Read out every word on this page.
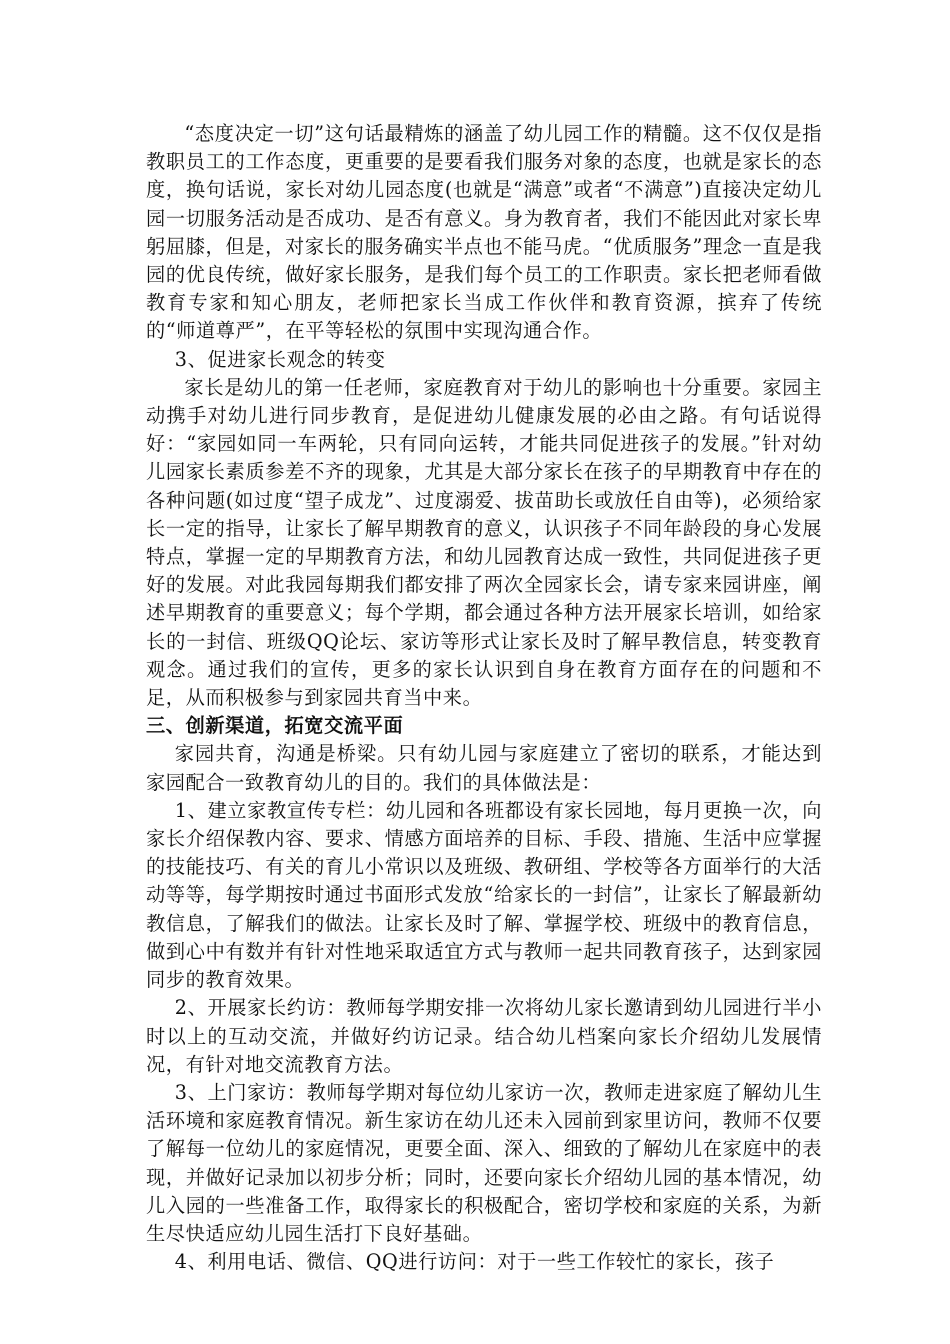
“态度决定一切”这句话最精炼的涵盖了幼儿园工作的精髓。这不仅仅是指教职员工的工作态度，更重要的是要看我们服务对象的态度，也就是家长的态度，换句话说，家长对幼儿园态度(也就是“满意”或者“不满意”)直接决定幼儿园一切服务活动是否成功、是否有意义。身为教育者，我们不能因此对家长卑躬屈膝，但是，对家长的服务确实半点也不能马虎。“优质服务”理念一直是我园的优良传统，做好家长服务，是我们每个员工的工作职责。家长把老师看做教育专家和知心朋友，老师把家长当成工作伙伴和教育资源，摈弃了传统的“师道尊严”，在平等轻松的氛围中实现沟通合作。

3、促进家长观念的转变

家长是幼儿的第一任老师，家庭教育对于幼儿的影响也十分重要。家园主动携手对幼儿进行同步教育，是促进幼儿健康发展的必由之路。有句话说得好：“家园如同一车两轮，只有同向运转，才能共同促进孩子的发展。”针对幼儿园家长素质参差不齐的现象，尤其是大部分家长在孩子的早期教育中存在的各种问题(如过度“望子成龙”、过度溺爱、拔苗助长或放任自由等)，必须给家长一定的指导，让家长了解早期教育的意义，认识孩子不同年龄段的身心发展特点，掌握一定的早期教育方法，和幼儿园教育达成一致性，共同促进孩子更好的发展。对此我园每期我们都安排了两次全园家长会，请专家来园讲座，阐述早期教育的重要意义；每个学期，都会通过各种方法开展家长培训，如给家长的一封信、班级QQ论坛、家访等形式让家长及时了解早教信息，转变教育观念。通过我们的宣传，更多的家长认识到自身在教育方面存在的问题和不足，从而积极参与到家园共育当中来。

三、创新渠道，拓宽交流平面

家园共育，沟通是桥梁。只有幼儿园与家庭建立了密切的联系，才能达到家园配合一致教育幼儿的目的。我们的具体做法是：

1、建立家教宣传专栏：幼儿园和各班都设有家长园地，每月更换一次，向家长介绍保教内容、要求、情感方面培养的目标、手段、措施、生活中应掌握的技能技巧、有关的育儿小常识以及班级、教研组、学校等各方面举行的大活动等等，每学期按时通过书面形式发放“给家长的一封信”，让家长了解最新幼教信息，了解我们的做法。让家长及时了解、掌握学校、班级中的教育信息，做到心中有数并有针对性地采取适宜方式与教师一起共同教育孩子，达到家园同步的教育效果。

2、开展家长约访：教师每学期安排一次将幼儿家长邀请到幼儿园进行半小时以上的互动交流，并做好约访记录。结合幼儿档案向家长介绍幼儿发展情况，有针对地交流教育方法。

3、上门家访：教师每学期对每位幼儿家访一次，教师走进家庭了解幼儿生活环境和家庭教育情况。新生家访在幼儿还未入园前到家里访问，教师不仅要了解每一位幼儿的家庭情况，更要全面、深入、细致的了解幼儿在家庭中的表现，并做好记录加以初步分析；同时，还要向家长介绍幼儿园的基本情况，幼儿入园的一些准备工作，取得家长的积极配合，密切学校和家庭的关系，为新生尽快适应幼儿园生活打下良好基础。

4、利用电话、微信、QQ进行访问：对于一些工作较忙的家长，孩子
